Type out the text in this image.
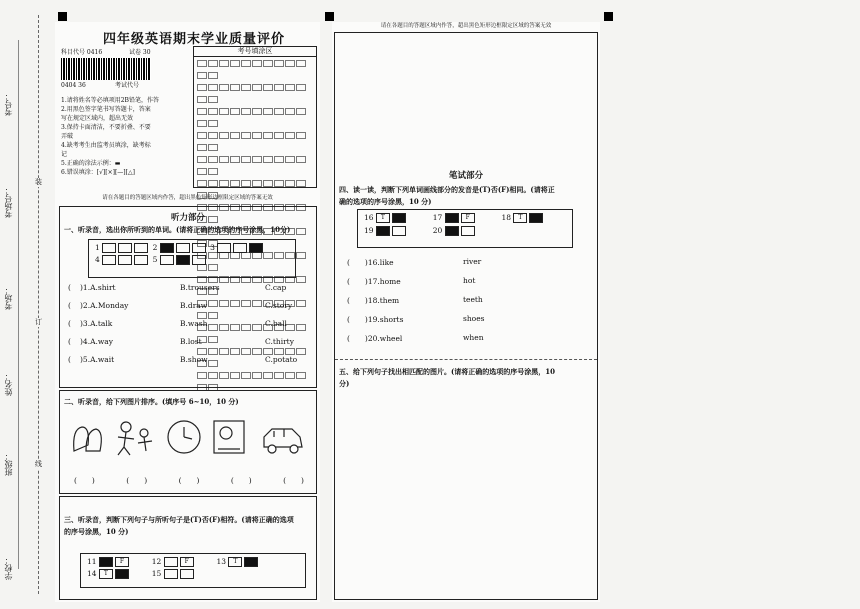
考号：
考场号：
考场：
姓名：
班级：
学校：
装
订
线
四年级英语期末学业质量评价
科目代号 0416	试卷 30
0404 36	考试代号
1.请将姓名等必填项用2B铅笔，作答
2.用黑色签字笔书写答题卡，答案
写在规定区域内，超出无效
3.保持卡面清洁，不要折叠、不要
弄破
4.缺考考生由监考员填涂，缺考标
记
5.正确的涂法示例：▬
6.错误填涂：[√][×][—][△]
考号填涂区
请在各题目的答题区域内作答，超出黑色矩形边框限定区域的答案无效
听力部分
一、听录音，选出你所听到的单词。(请将正确的选项的序号涂黑，10分)
1	2	3
4	5
)1.A.shirt	B.trousers	C.cap
)2.A.Monday	B.draw	C.story
)3.A.talk	B.wash	C.ball
)4.A.way	B.lost	C.thirty
)5.A.wait	B.show	C.potato
(
(
(
(
(
二、听录音，给下列图片排序。(填序号 6~10，10 分)
(　　)	(　　)	(　　)	(　　)	(　　)
三、听录音，判断下列句子与所听句子是(T)否(F)相符。(请将正确的选项
的序号涂黑，10 分)
11	F	12	F	13 T
14 T	15
请在各题目的答题区域内作答，超出黑色矩形边框限定区域的答案无效
笔试部分
四、读一读，判断下列单词画线部分的发音是(T)否(F)相同。(请将正
确的选项的序号涂黑，10 分)
16 T	17	F	18 T
19	20
(　　)16.like	river
(　　)17.home	hot
(　　)18.them	teeth
(　　)19.shorts	shoes
(　　)20.wheel	when
五、给下列句子找出相匹配的图片。(请将正确的选项的序号涂黑，10
分)
